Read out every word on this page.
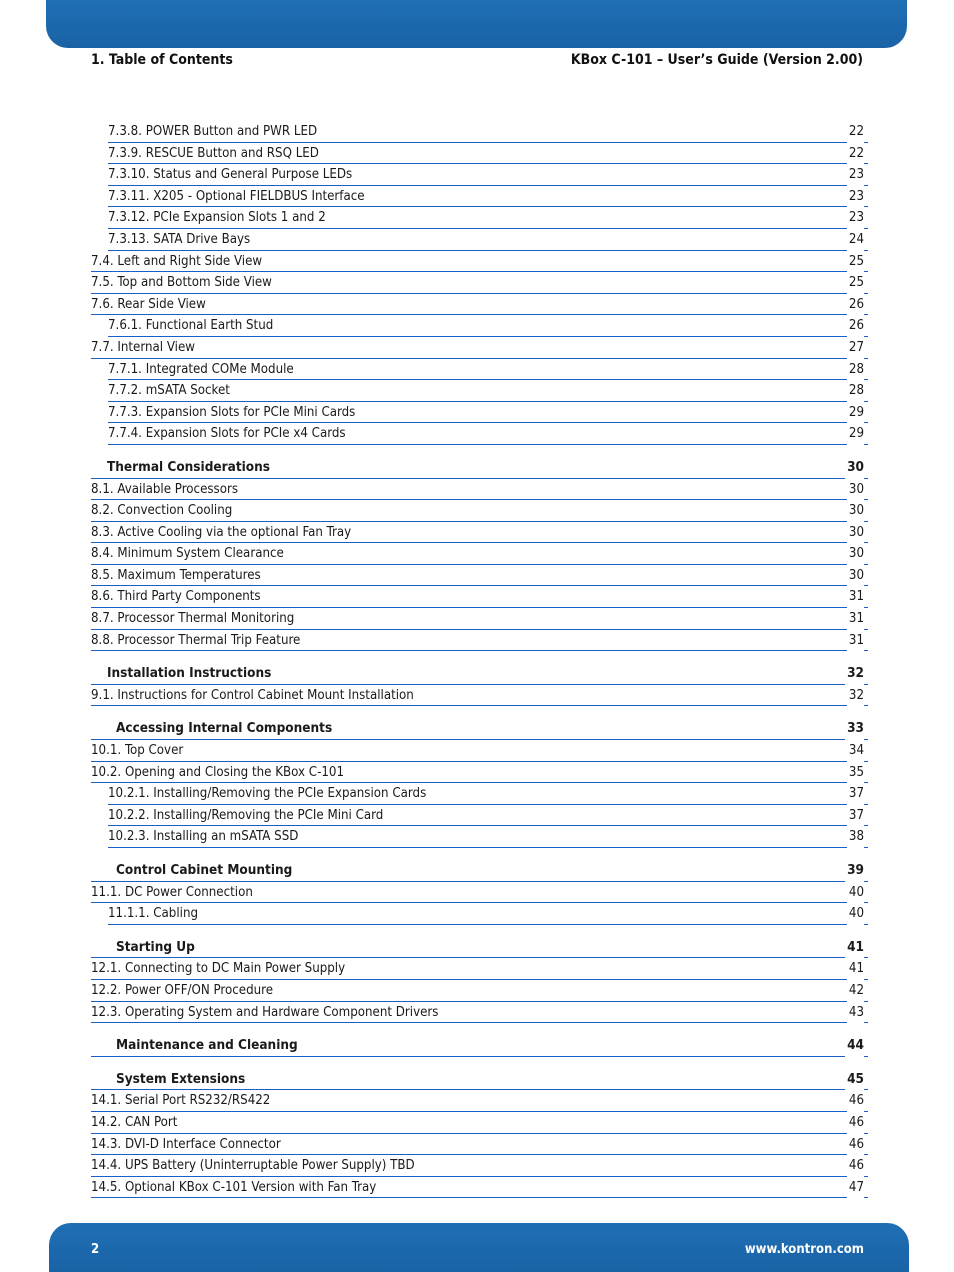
1. Table of Contents	KBox C-101 – User’s Guide (Version 2.00)
7.3.8. POWER Button and PWR LED	22
7.3.9. RESCUE Button and RSQ LED	22
7.3.10. Status and General Purpose LEDs	23
7.3.11. X205 - Optional FIELDBUS Interface	23
7.3.12. PCIe Expansion Slots 1 and 2	23
7.3.13. SATA Drive Bays	24
7.4. Left and Right Side View	25
7.5. Top and Bottom Side View	25
7.6. Rear Side View	26
7.6.1. Functional Earth Stud	26
7.7. Internal View	27
7.7.1. Integrated COMe Module	28
7.7.2. mSATA Socket	28
7.7.3. Expansion Slots for PCIe Mini Cards	29
7.7.4. Expansion Slots for PCIe x4 Cards	29
Thermal Considerations	30
8.1. Available Processors	30
8.2. Convection Cooling	30
8.3. Active Cooling via the optional Fan Tray	30
8.4. Minimum System Clearance	30
8.5. Maximum Temperatures	30
8.6. Third Party Components	31
8.7. Processor Thermal Monitoring	31
8.8. Processor Thermal Trip Feature	31
Installation Instructions	32
9.1. Instructions for Control Cabinet Mount Installation	32
Accessing Internal Components	33
10.1. Top Cover	34
10.2. Opening and Closing the KBox C-101	35
10.2.1. Installing/Removing the PCIe Expansion Cards	37
10.2.2. Installing/Removing the PCIe Mini Card	37
10.2.3. Installing an mSATA SSD	38
Control Cabinet Mounting	39
11.1. DC Power Connection	40
11.1.1. Cabling	40
Starting Up	41
12.1. Connecting to DC Main Power Supply	41
12.2. Power OFF/ON Procedure	42
12.3. Operating System and Hardware Component Drivers	43
Maintenance and Cleaning	44
System Extensions	45
14.1. Serial Port RS232/RS422	46
14.2. CAN Port	46
14.3. DVI-D Interface Connector	46
14.4. UPS Battery (Uninterruptable Power Supply) TBD	46
14.5. Optional KBox C-101 Version with Fan Tray	47
2	www.kontron.com
